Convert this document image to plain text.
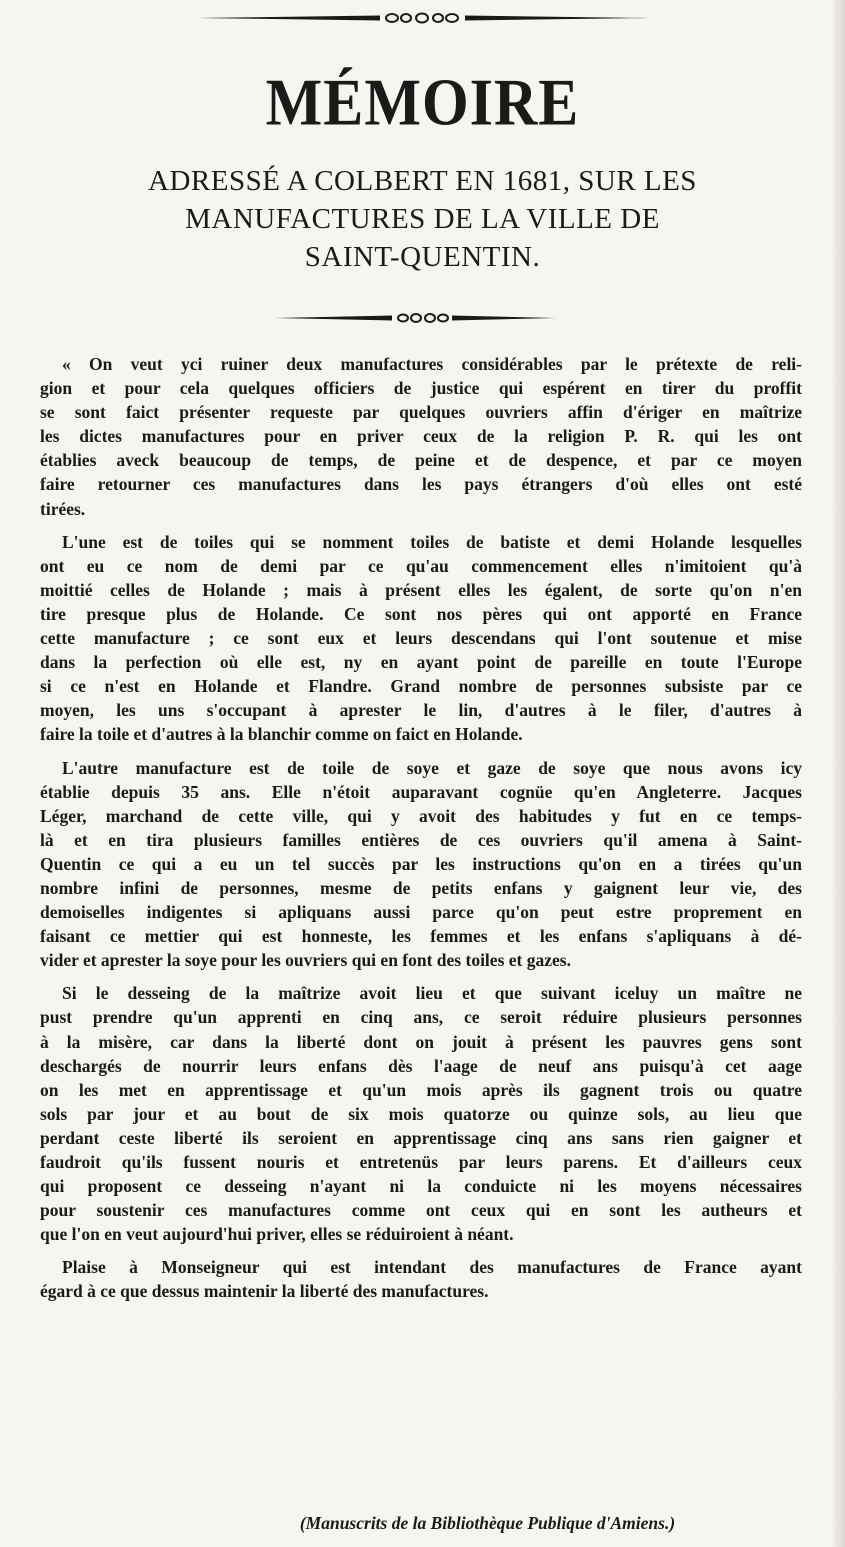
MÉMOIRE
ADRESSÉ A COLBERT EN 1681, SUR LES
MANUFACTURES DE LA VILLE DE
SAINT-QUENTIN.
« On veut yci ruiner deux manufactures considérables par le prétexte de reli-
gion et pour cela quelques officiers de justice qui espérent en tirer du proffit
se sont faict présenter requeste par quelques ouvriers affin d'ériger en maîtrize
les dictes manufactures pour en priver ceux de la religion P. R. qui les ont
établies aveck beaucoup de temps, de peine et de despence, et par ce moyen
faire retourner ces manufactures dans les pays étrangers d'où elles ont esté
tirées.
L'une est de toiles qui se nomment toiles de batiste et demi Holande lesquelles
ont eu ce nom de demi par ce qu'au commencement elles n'imitoient qu'à
moittié celles de Holande ; mais à présent elles les égalent, de sorte qu'on n'en
tire presque plus de Holande. Ce sont nos pères qui ont apporté en France
cette manufacture ; ce sont eux et leurs descendans qui l'ont soutenue et mise
dans la perfection où elle est, ny en ayant point de pareille en toute l'Europe
si ce n'est en Holande et Flandre. Grand nombre de personnes subsiste par ce
moyen, les uns s'occupant à aprester le lin, d'autres à le filer, d'autres à
faire la toile et d'autres à la blanchir comme on faict en Holande.
L'autre manufacture est de toile de soye et gaze de soye que nous avons icy
établie depuis 35 ans. Elle n'étoit auparavant cognüe qu'en Angleterre. Jacques
Léger, marchand de cette ville, qui y avoit des habitudes y fut en ce temps-
là et en tira plusieurs familles entières de ces ouvriers qu'il amena à Saint-
Quentin ce qui a eu un tel succès par les instructions qu'on en a tirées qu'un
nombre infini de personnes, mesme de petits enfans y gaignent leur vie, des
demoiselles indigentes si apliquans aussi parce qu'on peut estre proprement en
faisant ce mettier qui est honneste, les femmes et les enfans s'apliquans à dé-
vider et aprester la soye pour les ouvriers qui en font des toiles et gazes.
Si le desseing de la maîtrize avoit lieu et que suivant iceluy un maître ne
pust prendre qu'un apprenti en cinq ans, ce seroit réduire plusieurs personnes
à la misère, car dans la liberté dont on jouit à présent les pauvres gens sont
deschargés de nourrir leurs enfans dès l'aage de neuf ans puisqu'à cet aage
on les met en apprentissage et qu'un mois après ils gagnent trois ou quatre
sols par jour et au bout de six mois quatorze ou quinze sols, au lieu que
perdant ceste liberté ils seroient en apprentissage cinq ans sans rien gaigner et
faudroit qu'ils fussent nouris et entretenüs par leurs parens. Et d'ailleurs ceux
qui proposent ce desseing n'ayant ni la conduicte ni les moyens nécessaires
pour soustenir ces manufactures comme ont ceux qui en sont les autheurs et
que l'on en veut aujourd'hui priver, elles se réduiroient à néant.
Plaise à Monseigneur qui est intendant des manufactures de France ayant
égard à ce que dessus maintenir la liberté des manufactures.
(Manuscrits de la Bibliothèque Publique d'Amiens.)
